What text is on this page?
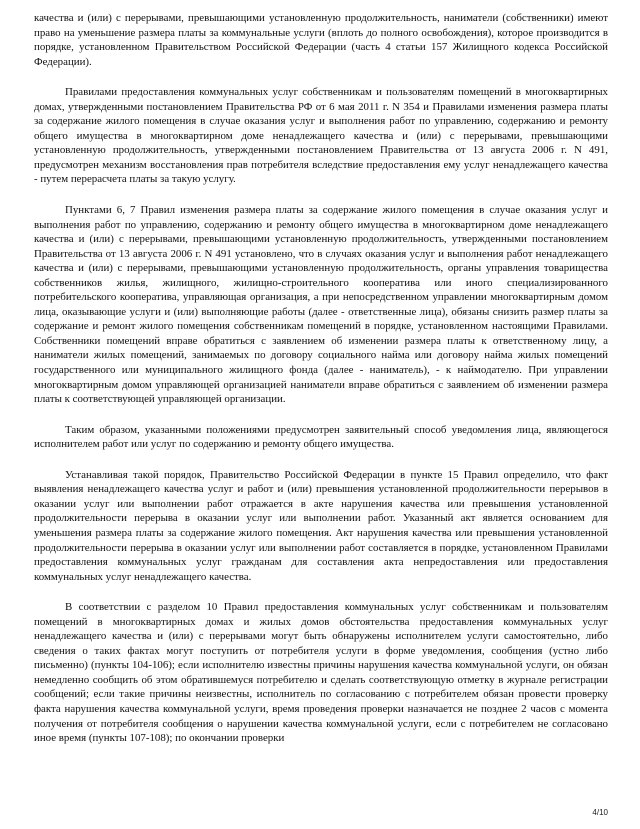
качества и (или) с перерывами, превышающими установленную продолжительность, наниматели (собственники) имеют право на уменьшение размера платы за коммунальные услуги (вплоть до полного освобождения), которое производится в порядке, установленном Правительством Российской Федерации (часть 4 статьи 157 Жилищного кодекса Российской Федерации).

Правилами предоставления коммунальных услуг собственникам и пользователям помещений в многоквартирных домах, утвержденными постановлением Правительства РФ от 6 мая 2011 г. N 354 и Правилами изменения размера платы за содержание жилого помещения в случае оказания услуг и выполнения работ по управлению, содержанию и ремонту общего имущества в многоквартирном доме ненадлежащего качества и (или) с перерывами, превышающими установленную продолжительность, утвержденными постановлением Правительства от 13 августа 2006 г. N 491, предусмотрен механизм восстановления прав потребителя вследствие предоставления ему услуг ненадлежащего качества - путем перерасчета платы за такую услугу.

Пунктами 6, 7 Правил изменения размера платы за содержание жилого помещения в случае оказания услуг и выполнения работ по управлению, содержанию и ремонту общего имущества в многоквартирном доме ненадлежащего качества и (или) с перерывами, превышающими установленную продолжительность, утвержденными постановлением Правительства от 13 августа 2006 г. N 491 установлено, что в случаях оказания услуг и выполнения работ ненадлежащего качества и (или) с перерывами, превышающими установленную продолжительность, органы управления товарищества собственников жилья, жилищного, жилищно-строительного кооператива или иного специализированного потребительского кооператива, управляющая организация, а при непосредственном управлении многоквартирным домом лица, оказывающие услуги и (или) выполняющие работы (далее - ответственные лица), обязаны снизить размер платы за содержание и ремонт жилого помещения собственникам помещений в порядке, установленном настоящими Правилами. Собственники помещений вправе обратиться с заявлением об изменении размера платы к ответственному лицу, а наниматели жилых помещений, занимаемых по договору социального найма или договору найма жилых помещений государственного или муниципального жилищного фонда (далее - наниматель), - к наймодателю. При управлении многоквартирным домом управляющей организацией наниматели вправе обратиться с заявлением об изменении размера платы к соответствующей управляющей организации.

Таким образом, указанными положениями предусмотрен заявительный способ уведомления лица, являющегося исполнителем работ или услуг по содержанию и ремонту общего имущества.

Устанавливая такой порядок, Правительство Российской Федерации в пункте 15 Правил определило, что факт выявления ненадлежащего качества услуг и работ и (или) превышения установленной продолжительности перерывов в оказании услуг или выполнении работ отражается в акте нарушения качества или превышения установленной продолжительности перерыва в оказании услуг или выполнении работ. Указанный акт является основанием для уменьшения размера платы за содержание жилого помещения. Акт нарушения качества или превышения установленной продолжительности перерыва в оказании услуг или выполнении работ составляется в порядке, установленном Правилами предоставления коммунальных услуг гражданам для составления акта непредоставления или предоставления коммунальных услуг ненадлежащего качества.

В соответствии с разделом 10 Правил предоставления коммунальных услуг собственникам и пользователям помещений в многоквартирных домах и жилых домов обстоятельства предоставления коммунальных услуг ненадлежащего качества и (или) с перерывами могут быть обнаружены исполнителем услуги самостоятельно, либо сведения о таких фактах могут поступить от потребителя услуги в форме уведомления, сообщения (устно либо письменно) (пункты 104-106); если исполнителю известны причины нарушения качества коммунальной услуги, он обязан немедленно сообщить об этом обратившемуся потребителю и сделать соответствующую отметку в журнале регистрации сообщений; если такие причины неизвестны, исполнитель по согласованию с потребителем обязан провести проверку факта нарушения качества коммунальной услуги, время проведения проверки назначается не позднее 2 часов с момента получения от потребителя сообщения о нарушении качества коммунальной услуги, если с потребителем не согласовано иное время (пункты 107-108); по окончании проверки

4/10
